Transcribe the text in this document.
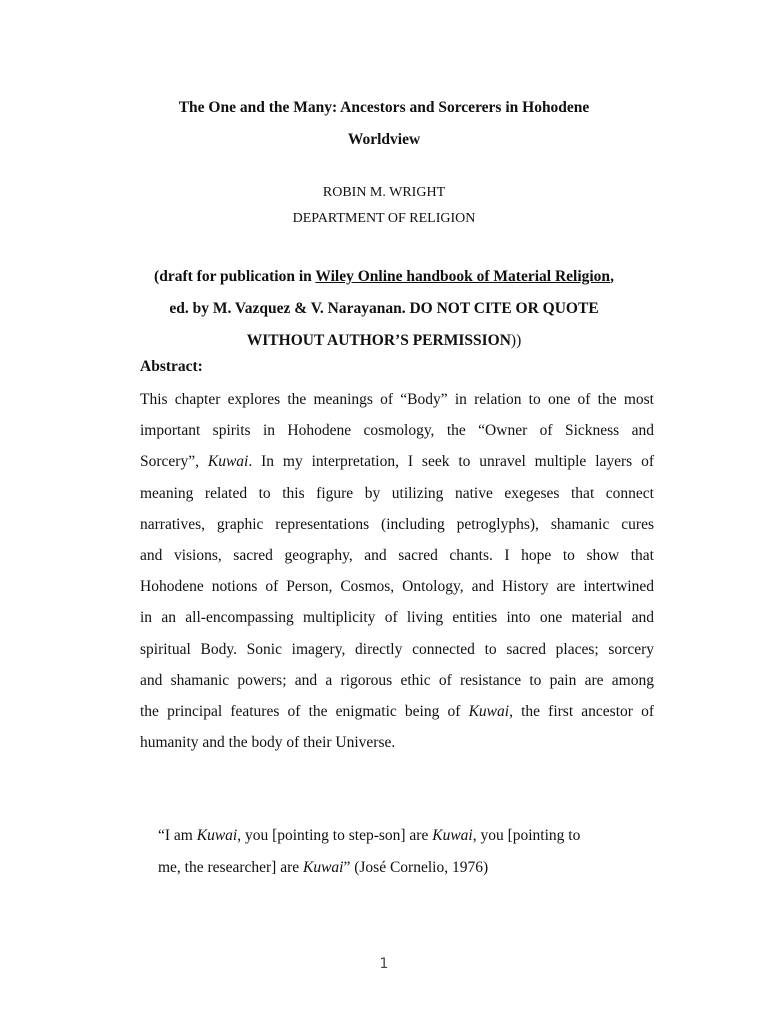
The One and the Many: Ancestors and Sorcerers in Hohodene
Worldview
ROBIN M. WRIGHT
DEPARTMENT OF RELIGION
(draft for publication in Wiley Online handbook of Material Religion,
ed. by M. Vazquez & V. Narayanan. DO NOT CITE OR QUOTE
WITHOUT AUTHOR’S PERMISSION))
Abstract:
This chapter explores the meanings of “Body” in relation to one of the most
important spirits in Hohodene cosmology, the “Owner of Sickness and
Sorcery”, Kuwai. In my interpretation, I seek to unravel multiple layers of
meaning related to this figure by utilizing native exegeses that connect
narratives, graphic representations (including petroglyphs), shamanic cures
and visions, sacred geography, and sacred chants. I hope to show that
Hohodene notions of Person, Cosmos, Ontology, and History are intertwined
in an all-encompassing multiplicity of living entities into one material and
spiritual Body. Sonic imagery, directly connected to sacred places; sorcery
and shamanic powers; and a rigorous ethic of resistance to pain are among
the principal features of the enigmatic being of Kuwai, the first ancestor of
humanity and the body of their Universe.
“I am Kuwai, you [pointing to step-son] are Kuwai, you [pointing to
me, the researcher] are Kuwai” (José Cornelio, 1976)
1
